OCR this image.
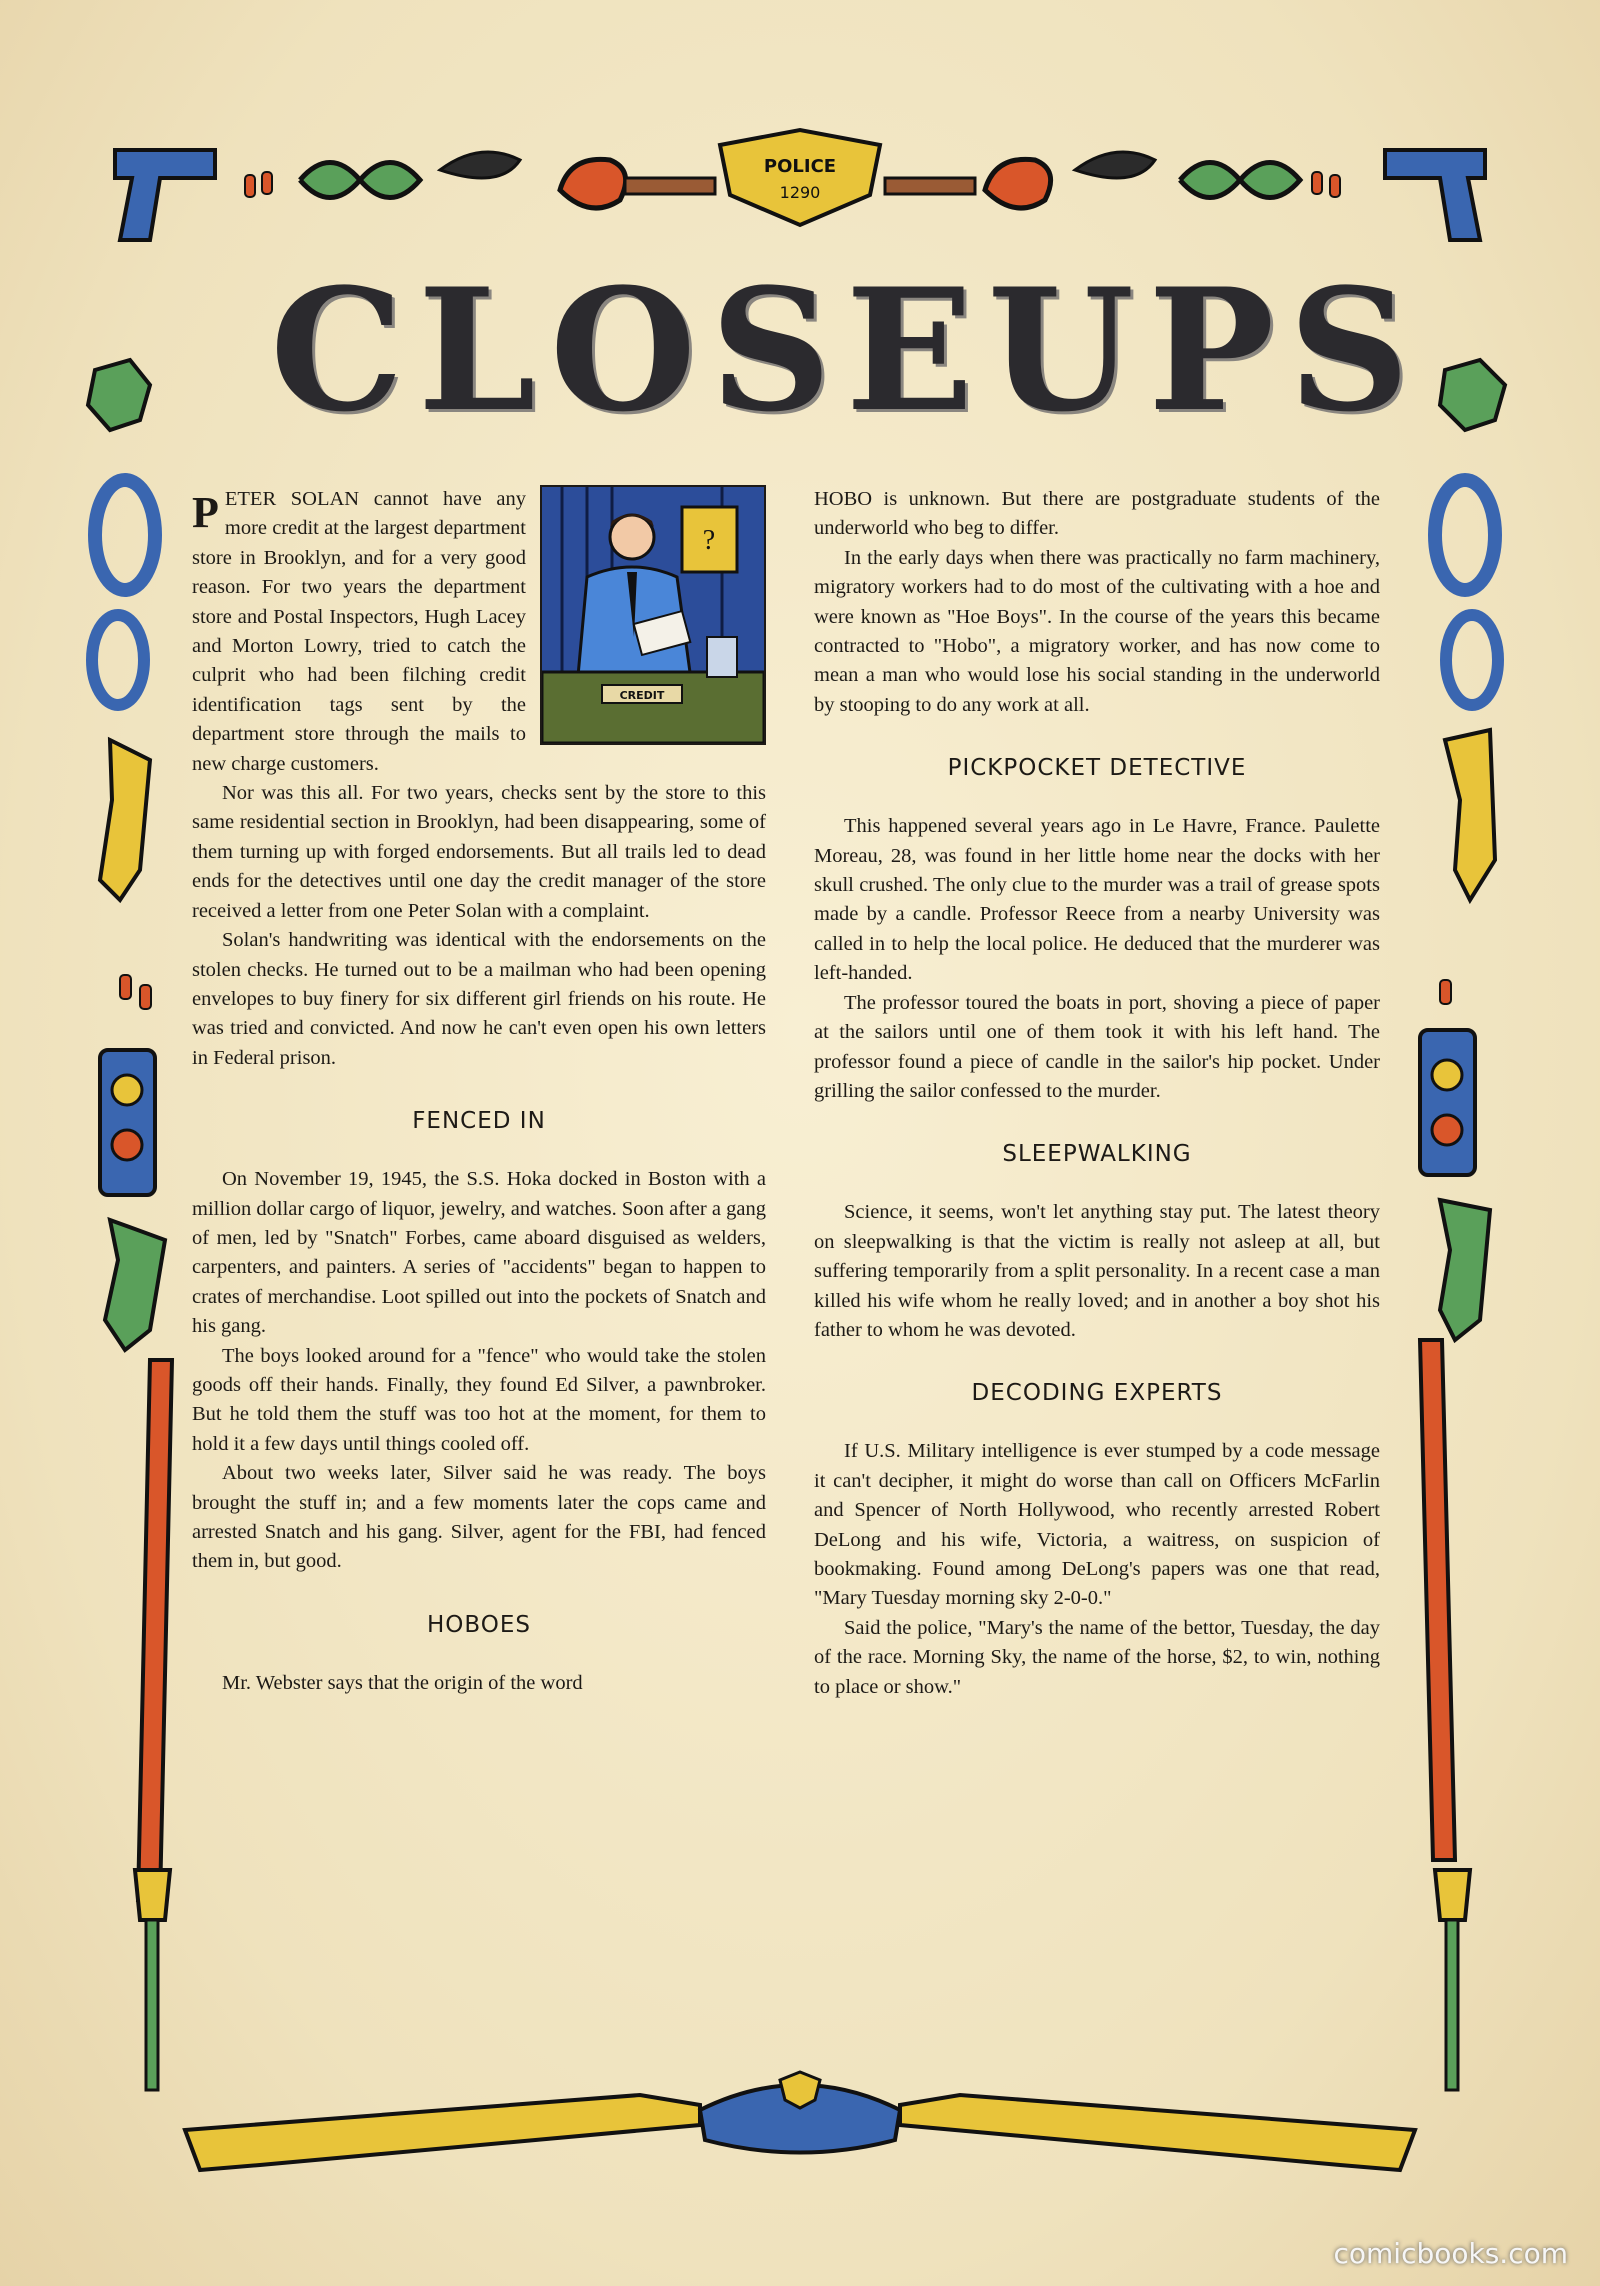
POLICE
1290
CLOSEUPS
?
CREDIT

PETER SOLAN cannot have any more credit at the largest department store in Brooklyn, and for a very good reason. For two years the department store and Postal Inspectors, Hugh Lacey and Morton Lowry, tried to catch the culprit who had been filching credit identification tags sent by the department store through the mails to new charge customers.

Nor was this all. For two years, checks sent by the store to this same residential section in Brooklyn, had been disappearing, some of them turning up with forged endorsements. But all trails led to dead ends for the detectives until one day the credit manager of the store received a letter from one Peter Solan with a complaint.

Solan's handwriting was identical with the endorsements on the stolen checks. He turned out to be a mailman who had been opening envelopes to buy finery for six different girl friends on his route. He was tried and convicted. And now he can't even open his own letters in Federal prison.

FENCED IN

On November 19, 1945, the S.S. Hoka docked in Boston with a million dollar cargo of liquor, jewelry, and watches. Soon after a gang of men, led by "Snatch" Forbes, came aboard disguised as welders, carpenters, and painters. A series of "accidents" began to happen to crates of merchandise. Loot spilled out into the pockets of Snatch and his gang.

The boys looked around for a "fence" who would take the stolen goods off their hands. Finally, they found Ed Silver, a pawnbroker. But he told them the stuff was too hot at the moment, for them to hold it a few days until things cooled off.

About two weeks later, Silver said he was ready. The boys brought the stuff in; and a few moments later the cops came and arrested Snatch and his gang. Silver, agent for the FBI, had fenced them in, but good.

HOBOES

Mr. Webster says that the origin of the word

HOBO is unknown. But there are postgraduate students of the underworld who beg to differ.

In the early days when there was practically no farm machinery, migratory workers had to do most of the cultivating with a hoe and were known as "Hoe Boys". In the course of the years this became contracted to "Hobo", a migratory worker, and has now come to mean a man who would lose his social standing in the underworld by stooping to do any work at all.

PICKPOCKET DETECTIVE

This happened several years ago in Le Havre, France. Paulette Moreau, 28, was found in her little home near the docks with her skull crushed. The only clue to the murder was a trail of grease spots made by a candle. Professor Reece from a nearby University was called in to help the local police. He deduced that the murderer was left-handed.

The professor toured the boats in port, shoving a piece of paper at the sailors until one of them took it with his left hand. The professor found a piece of candle in the sailor's hip pocket. Under grilling the sailor confessed to the murder.

SLEEPWALKING

Science, it seems, won't let anything stay put. The latest theory on sleepwalking is that the victim is really not asleep at all, but suffering temporarily from a split personality. In a recent case a man killed his wife whom he really loved; and in another a boy shot his father to whom he was devoted.

DECODING EXPERTS

If U.S. Military intelligence is ever stumped by a code message it can't decipher, it might do worse than call on Officers McFarlin and Spencer of North Hollywood, who recently arrested Robert DeLong and his wife, Victoria, a waitress, on suspicion of bookmaking. Found among DeLong's papers was one that read, "Mary Tuesday morning sky 2-0-0."

Said the police, "Mary's the name of the bettor, Tuesday, the day of the race. Morning Sky, the name of the horse, $2, to win, nothing to place or show."

comicbooks.com
